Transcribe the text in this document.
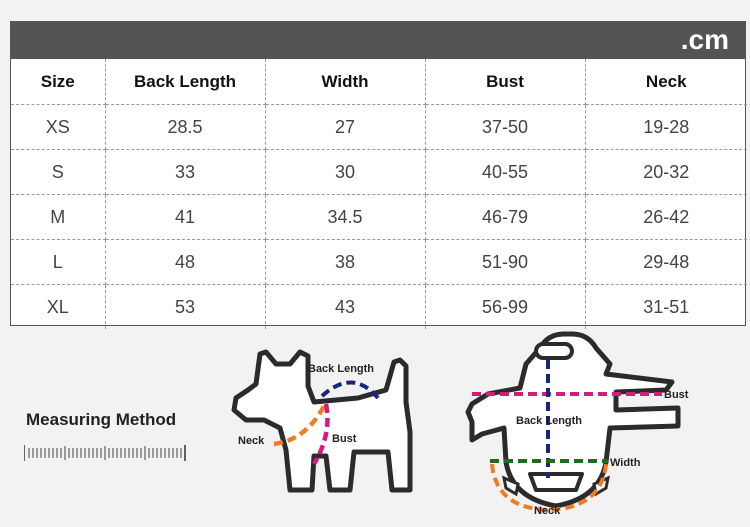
.cm
Size	Back Length	Width	Bust	Neck
XS	28.5	27	37-50	19-28
S	33	30	40-55	20-32
M	41	34.5	46-79	26-42
L	48	38	51-90	29-48
XL	53	43	56-99	31-51
Measuring Method
Back Length
Neck	Bust
Bust
Back Length
Width
Neck
